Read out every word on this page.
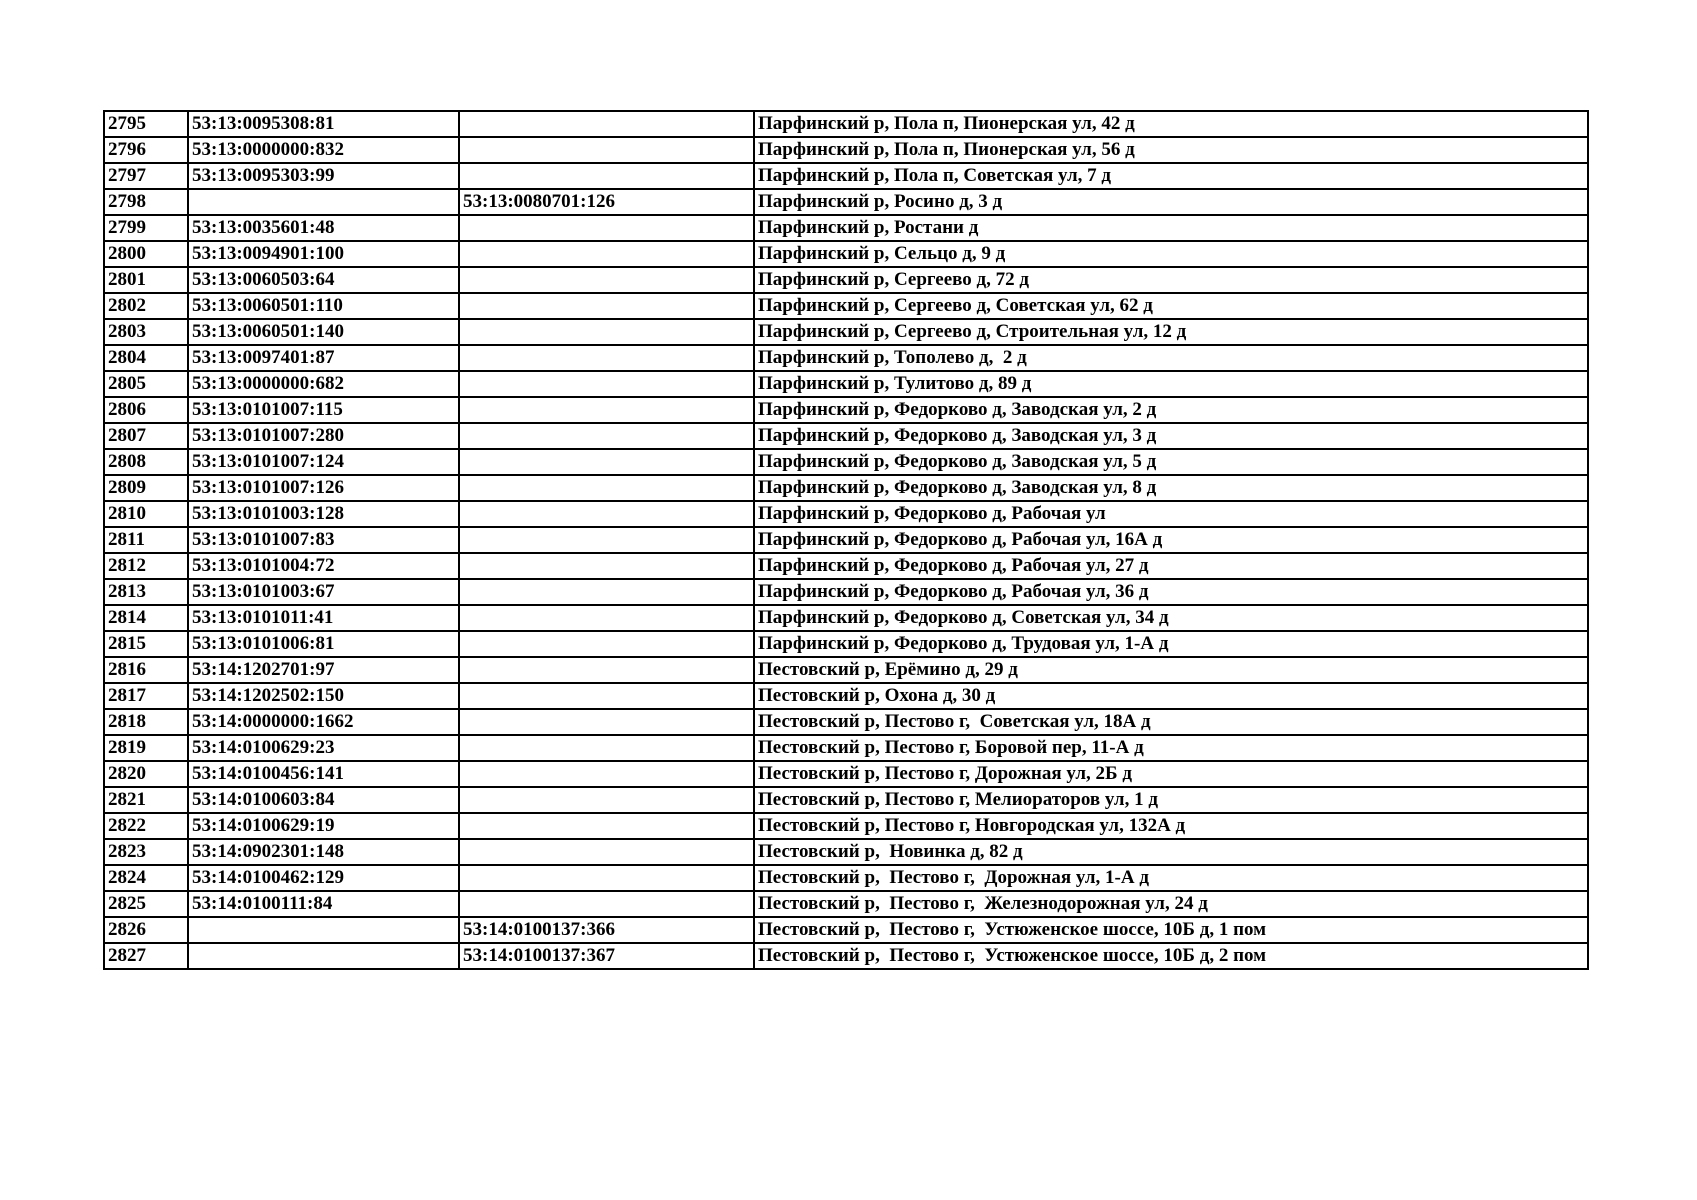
2795	53:13:0095308:81		Парфинский р, Пола п, Пионерская ул, 42 д
2796	53:13:0000000:832		Парфинский р, Пола п, Пионерская ул, 56 д
2797	53:13:0095303:99		Парфинский р, Пола п, Советская ул, 7 д
2798		53:13:0080701:126	Парфинский р, Росино д, 3 д
2799	53:13:0035601:48		Парфинский р, Ростани д
2800	53:13:0094901:100		Парфинский р, Сельцо д, 9 д
2801	53:13:0060503:64		Парфинский р, Сергеево д, 72 д
2802	53:13:0060501:110		Парфинский р, Сергеево д, Советская ул, 62 д
2803	53:13:0060501:140		Парфинский р, Сергеево д, Строительная ул, 12 д
2804	53:13:0097401:87		Парфинский р, Тополево д,  2 д
2805	53:13:0000000:682		Парфинский р, Тулитово д, 89 д
2806	53:13:0101007:115		Парфинский р, Федорково д, Заводская ул, 2 д
2807	53:13:0101007:280		Парфинский р, Федорково д, Заводская ул, 3 д
2808	53:13:0101007:124		Парфинский р, Федорково д, Заводская ул, 5 д
2809	53:13:0101007:126		Парфинский р, Федорково д, Заводская ул, 8 д
2810	53:13:0101003:128		Парфинский р, Федорково д, Рабочая ул
2811	53:13:0101007:83		Парфинский р, Федорково д, Рабочая ул, 16А д
2812	53:13:0101004:72		Парфинский р, Федорково д, Рабочая ул, 27 д
2813	53:13:0101003:67		Парфинский р, Федорково д, Рабочая ул, 36 д
2814	53:13:0101011:41		Парфинский р, Федорково д, Советская ул, 34 д
2815	53:13:0101006:81		Парфинский р, Федорково д, Трудовая ул, 1-А д
2816	53:14:1202701:97		Пестовский р, Ерёмино д, 29 д
2817	53:14:1202502:150		Пестовский р, Охона д, 30 д
2818	53:14:0000000:1662		Пестовский р, Пестово г,  Советская ул, 18А д
2819	53:14:0100629:23		Пестовский р, Пестово г, Боровой пер, 11-А д
2820	53:14:0100456:141		Пестовский р, Пестово г, Дорожная ул, 2Б д
2821	53:14:0100603:84		Пестовский р, Пестово г, Мелиораторов ул, 1 д
2822	53:14:0100629:19		Пестовский р, Пестово г, Новгородская ул, 132А д
2823	53:14:0902301:148		Пестовский р,  Новинка д, 82 д
2824	53:14:0100462:129		Пестовский р,  Пестово г,  Дорожная ул, 1-А д
2825	53:14:0100111:84		Пестовский р,  Пестово г,  Железнодорожная ул, 24 д
2826		53:14:0100137:366	Пестовский р,  Пестово г,  Устюженское шоссе, 10Б д, 1 пом
2827		53:14:0100137:367	Пестовский р,  Пестово г,  Устюженское шоссе, 10Б д, 2 пом
